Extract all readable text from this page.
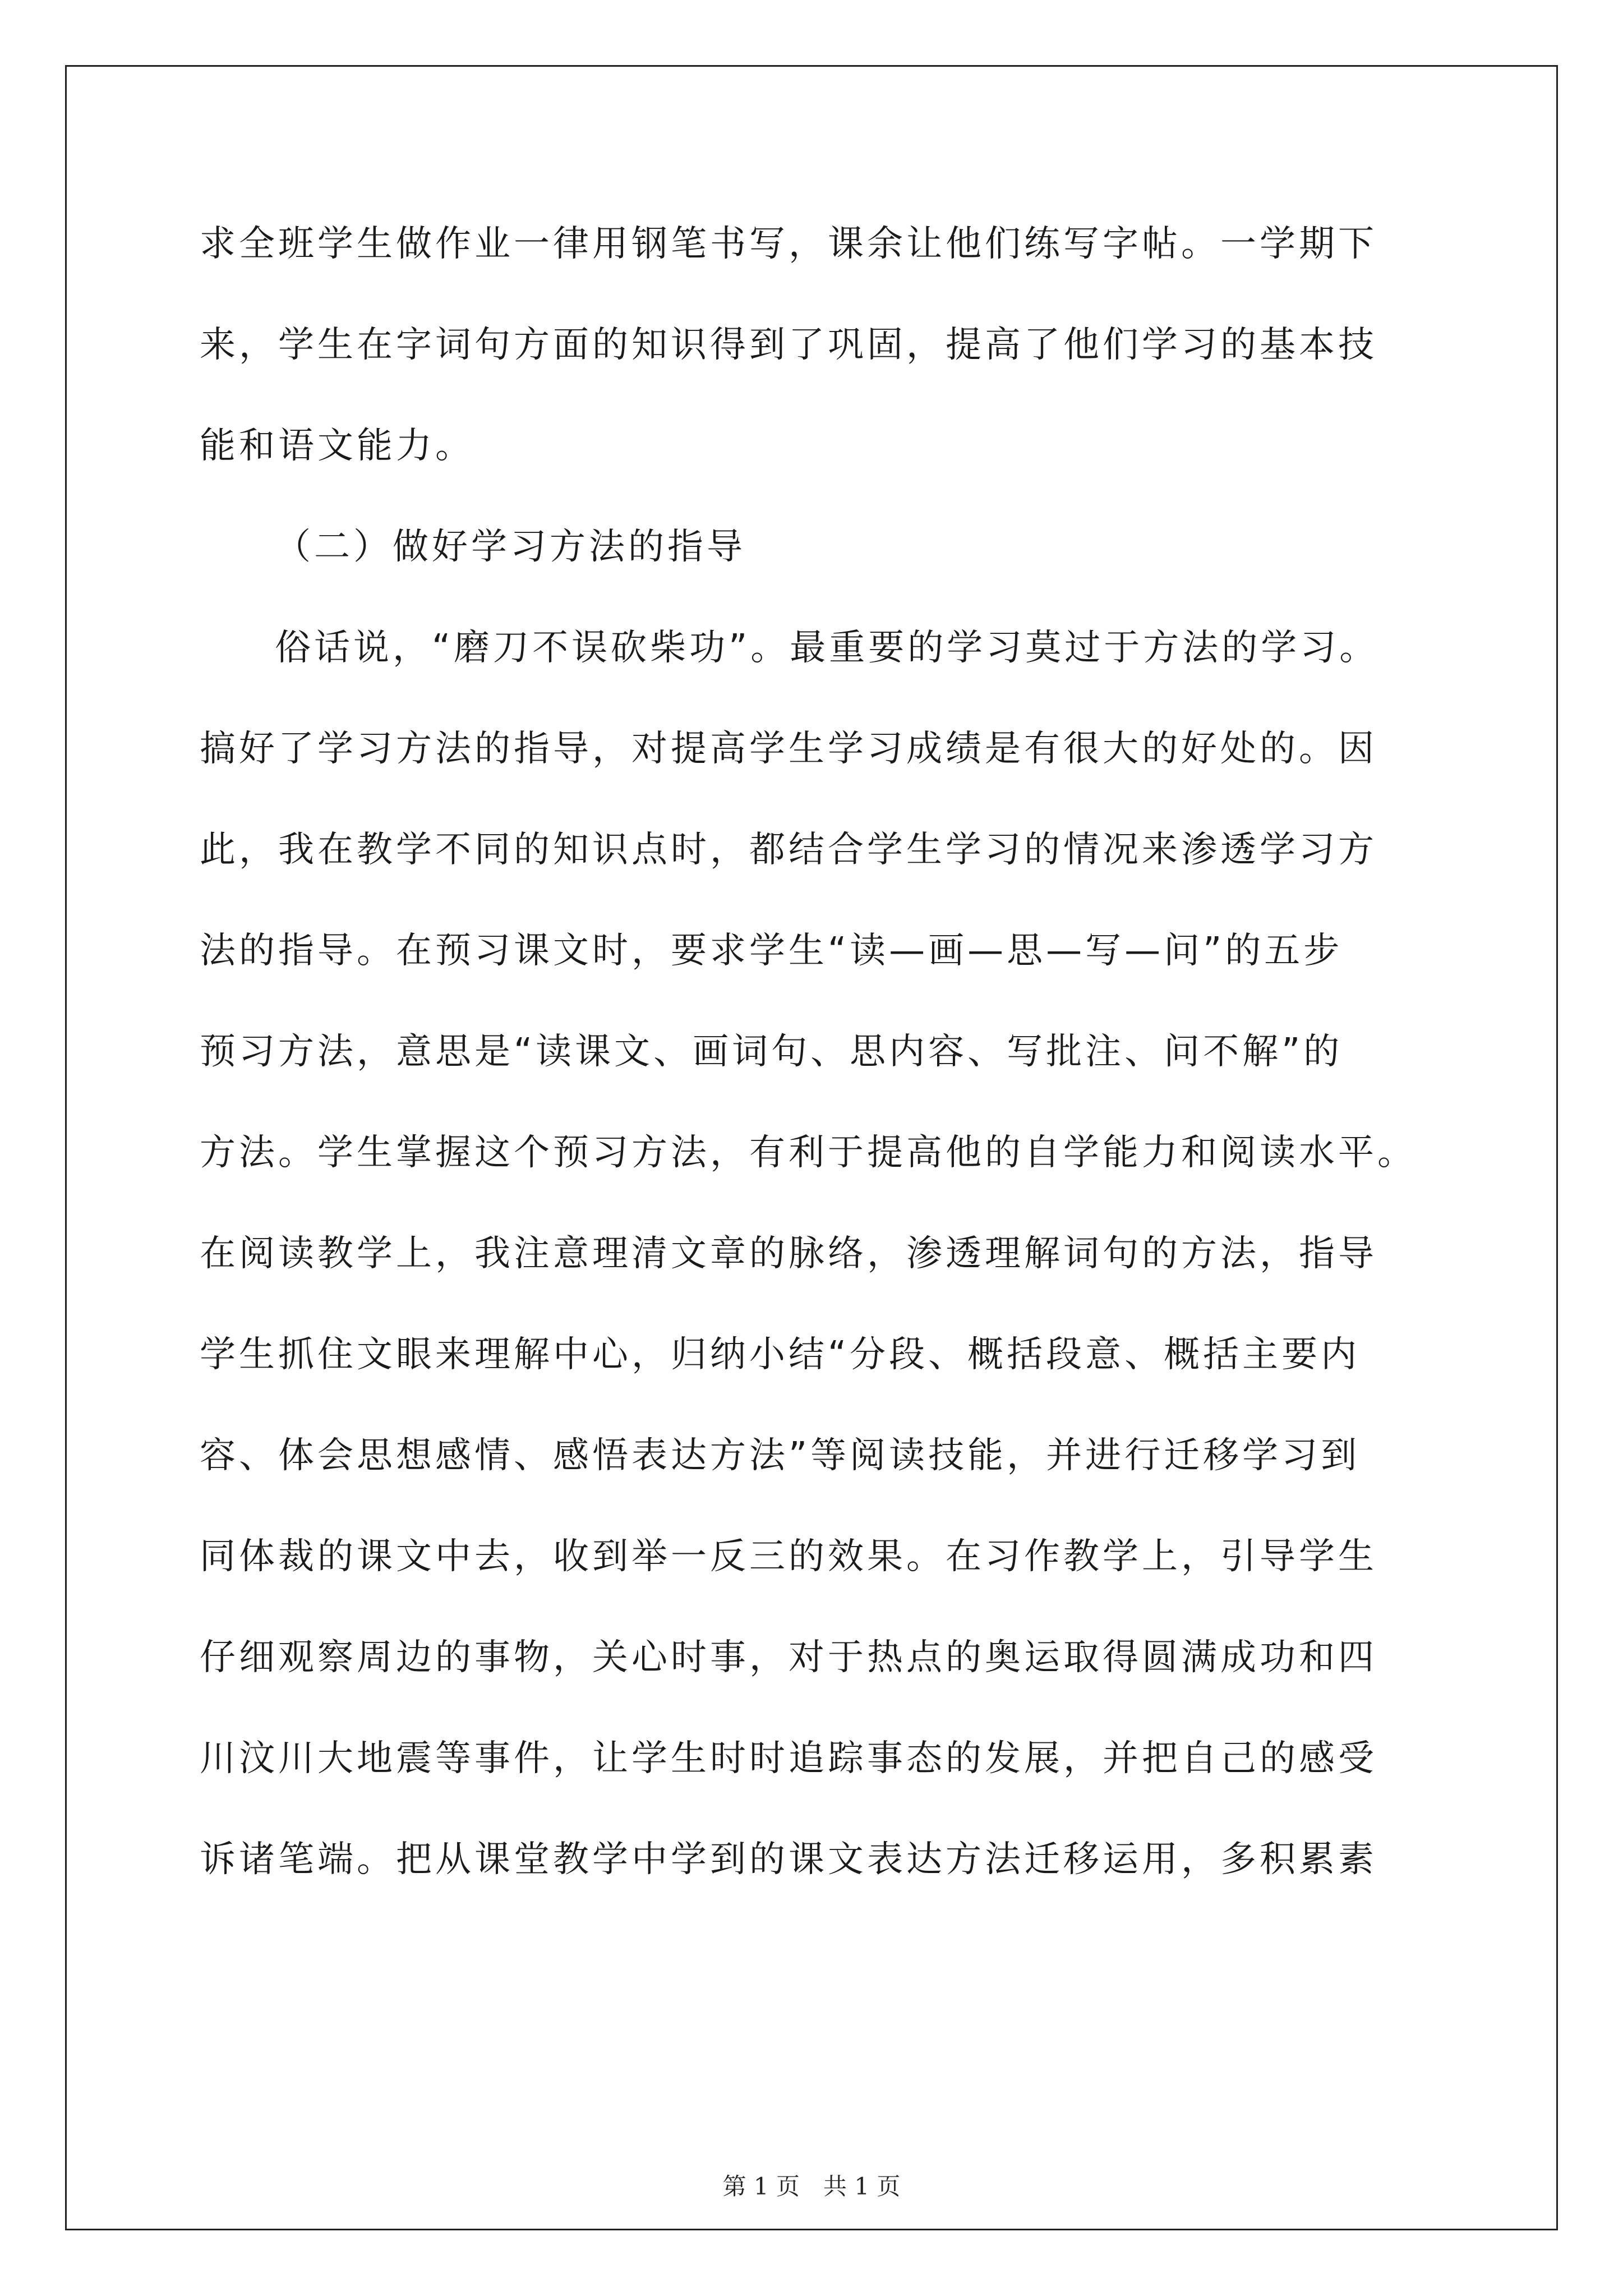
求全班学生做作业一律用钢笔书写，课余让他们练写字帖。一学期下
来，学生在字词句方面的知识得到了巩固，提高了他们学习的基本技
能和语文能力。
（二）做好学习方法的指导
俗话说，“磨刀不误砍柴功”。最重要的学习莫过于方法的学习。
搞好了学习方法的指导，对提高学生学习成绩是有很大的好处的。因
此，我在教学不同的知识点时，都结合学生学习的情况来渗透学习方
法的指导。在预习课文时，要求学生“读—画—思—写—问”的五步
预习方法，意思是“读课文、画词句、思内容、写批注、问不解”的
方法。学生掌握这个预习方法，有利于提高他的自学能力和阅读水平。
在阅读教学上，我注意理清文章的脉络，渗透理解词句的方法，指导
学生抓住文眼来理解中心，归纳小结“分段、概括段意、概括主要内
容、体会思想感情、感悟表达方法”等阅读技能，并进行迁移学习到
同体裁的课文中去，收到举一反三的效果。在习作教学上，引导学生
仔细观察周边的事物，关心时事，对于热点的奥运取得圆满成功和四
川汶川大地震等事件，让学生时时追踪事态的发展，并把自己的感受
诉诸笔端。把从课堂教学中学到的课文表达方法迁移运用，多积累素
第 1 页　共 1 页
